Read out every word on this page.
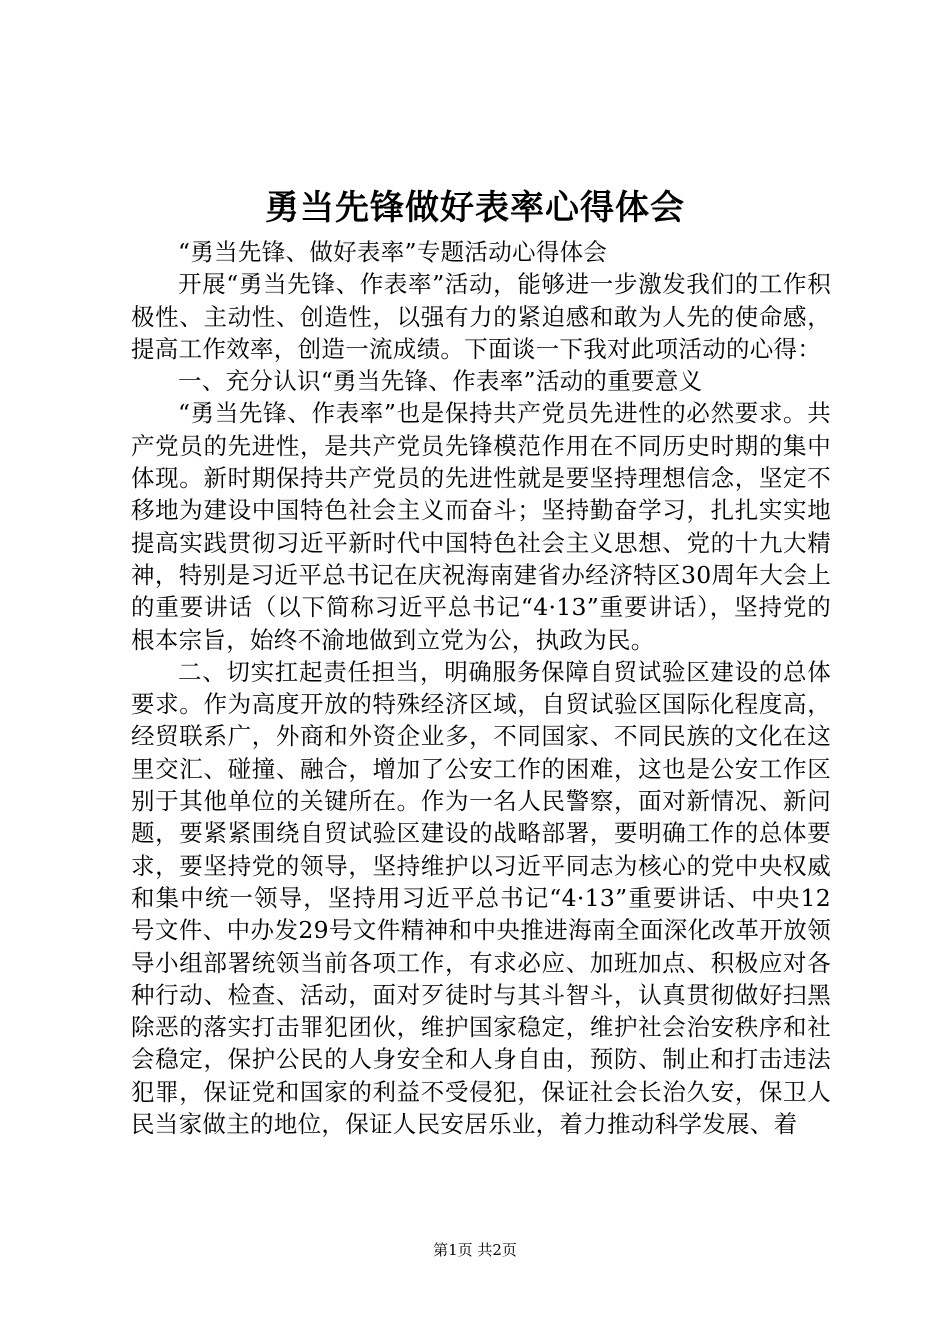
勇当先锋做好表率心得体会

“勇当先锋、做好表率”专题活动心得体会

开展“勇当先锋、作表率”活动，能够进一步激发我们的工作积极性、主动性、创造性，以强有力的紧迫感和敢为人先的使命感，提高工作效率，创造一流成绩。下面谈一下我对此项活动的心得：

一、充分认识“勇当先锋、作表率”活动的重要意义

“勇当先锋、作表率”也是保持共产党员先进性的必然要求。共产党员的先进性，是共产党员先锋模范作用在不同历史时期的集中体现。新时期保持共产党员的先进性就是要坚持理想信念，坚定不移地为建设中国特色社会主义而奋斗；坚持勤奋学习，扎扎实实地提高实践贯彻习近平新时代中国特色社会主义思想、党的十九大精神，特别是习近平总书记在庆祝海南建省办经济特区30周年大会上的重要讲话（以下简称习近平总书记“4·13”重要讲话），坚持党的根本宗旨，始终不渝地做到立党为公，执政为民。

二、切实扛起责任担当，明确服务保障自贸试验区建设的总体要求。作为高度开放的特殊经济区域，自贸试验区国际化程度高，经贸联系广，外商和外资企业多，不同国家、不同民族的文化在这里交汇、碰撞、融合，增加了公安工作的困难，这也是公安工作区别于其他单位的关键所在。作为一名人民警察，面对新情况、新问题，要紧紧围绕自贸试验区建设的战略部署，要明确工作的总体要求，要坚持党的领导，坚持维护以习近平同志为核心的党中央权威和集中统一领导，坚持用习近平总书记“4·13”重要讲话、中央12号文件、中办发29号文件精神和中央推进海南全面深化改革开放领导小组部署统领当前各项工作，有求必应、加班加点、积极应对各种行动、检查、活动，面对歹徒时与其斗智斗，认真贯彻做好扫黑除恶的落实打击罪犯团伙，维护国家稳定，维护社会治安秩序和社会稳定，保护公民的人身安全和人身自由，预防、制止和打击违法犯罪，保证党和国家的利益不受侵犯，保证社会长治久安，保卫人民当家做主的地位，保证人民安居乐业，着力推动科学发展、着

第1页 共2页
